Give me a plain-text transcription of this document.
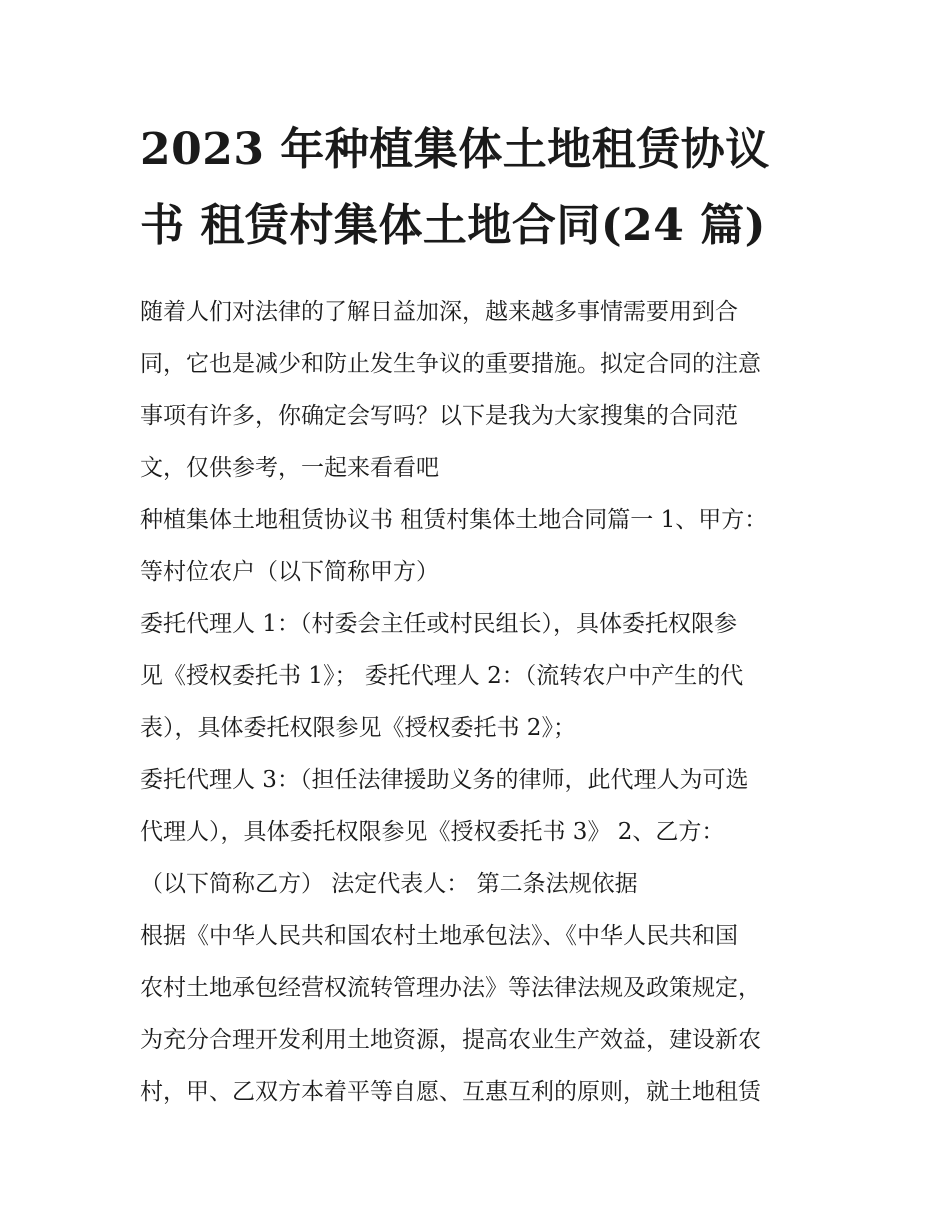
2023 年种植集体土地租赁协议
书 租赁村集体土地合同(24 篇)

随着人们对法律的了解日益加深，越来越多事情需要用到合
同，它也是减少和防止发生争议的重要措施。拟定合同的注意
事项有许多，你确定会写吗？以下是我为大家搜集的合同范
文，仅供参考，一起来看看吧

种植集体土地租赁协议书 租赁村集体土地合同篇一 1、甲方：
等村位农户（以下简称甲方）

委托代理人 1：（村委会主任或村民组长），具体委托权限参
见《授权委托书 1》； 委托代理人 2：（流转农户中产生的代
表），具体委托权限参见《授权委托书 2》；

委托代理人 3：（担任法律援助义务的律师，此代理人为可选
代理人），具体委托权限参见《授权委托书 3》 2、乙方：
（以下简称乙方） 法定代表人： 第二条法规依据

根据《中华人民共和国农村土地承包法》、《中华人民共和国
农村土地承包经营权流转管理办法》等法律法规及政策规定，
为充分合理开发利用土地资源，提高农业生产效益，建设新农
村，甲、乙双方本着平等自愿、互惠互利的原则，就土地租赁
